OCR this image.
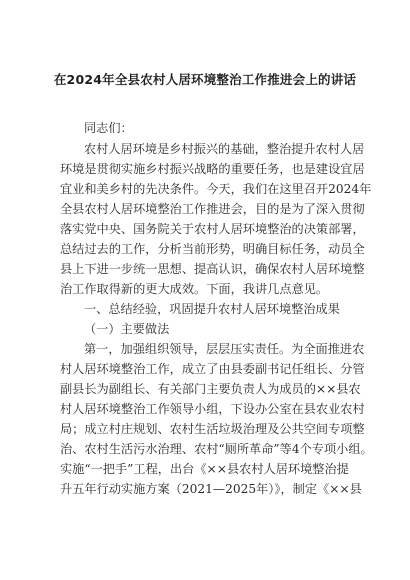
在2024年全县农村人居环境整治工作推进会上的讲话
同志们：
农村人居环境是乡村振兴的基础，整治提升农村人居
环境是贯彻实施乡村振兴战略的重要任务，也是建设宜居
宜业和美乡村的先决条件。今天，我们在这里召开2024年
全县农村人居环境整治工作推进会，目的是为了深入贯彻
落实党中央、国务院关于农村人居环境整治的决策部署，
总结过去的工作，分析当前形势，明确目标任务，动员全
县上下进一步统一思想、提高认识，确保农村人居环境整
治工作取得新的更大成效。下面，我讲几点意见。
一、总结经验，巩固提升农村人居环境整治成果
（一）主要做法
第一，加强组织领导，层层压实责任。为全面推进农
村人居环境整治工作，成立了由县委副书记任组长、分管
副县长为副组长、有关部门主要负责人为成员的××县农
村人居环境整治工作领导小组，下设办公室在县农业农村
局；成立村庄规划、农村生活垃圾治理及公共空间专项整
治、农村生活污水治理、农村“厕所革命”等4个专项小组。
实施“一把手”工程，出台《××县农村人居环境整治提
升五年行动实施方案（2021—2025年）》，制定《××县
